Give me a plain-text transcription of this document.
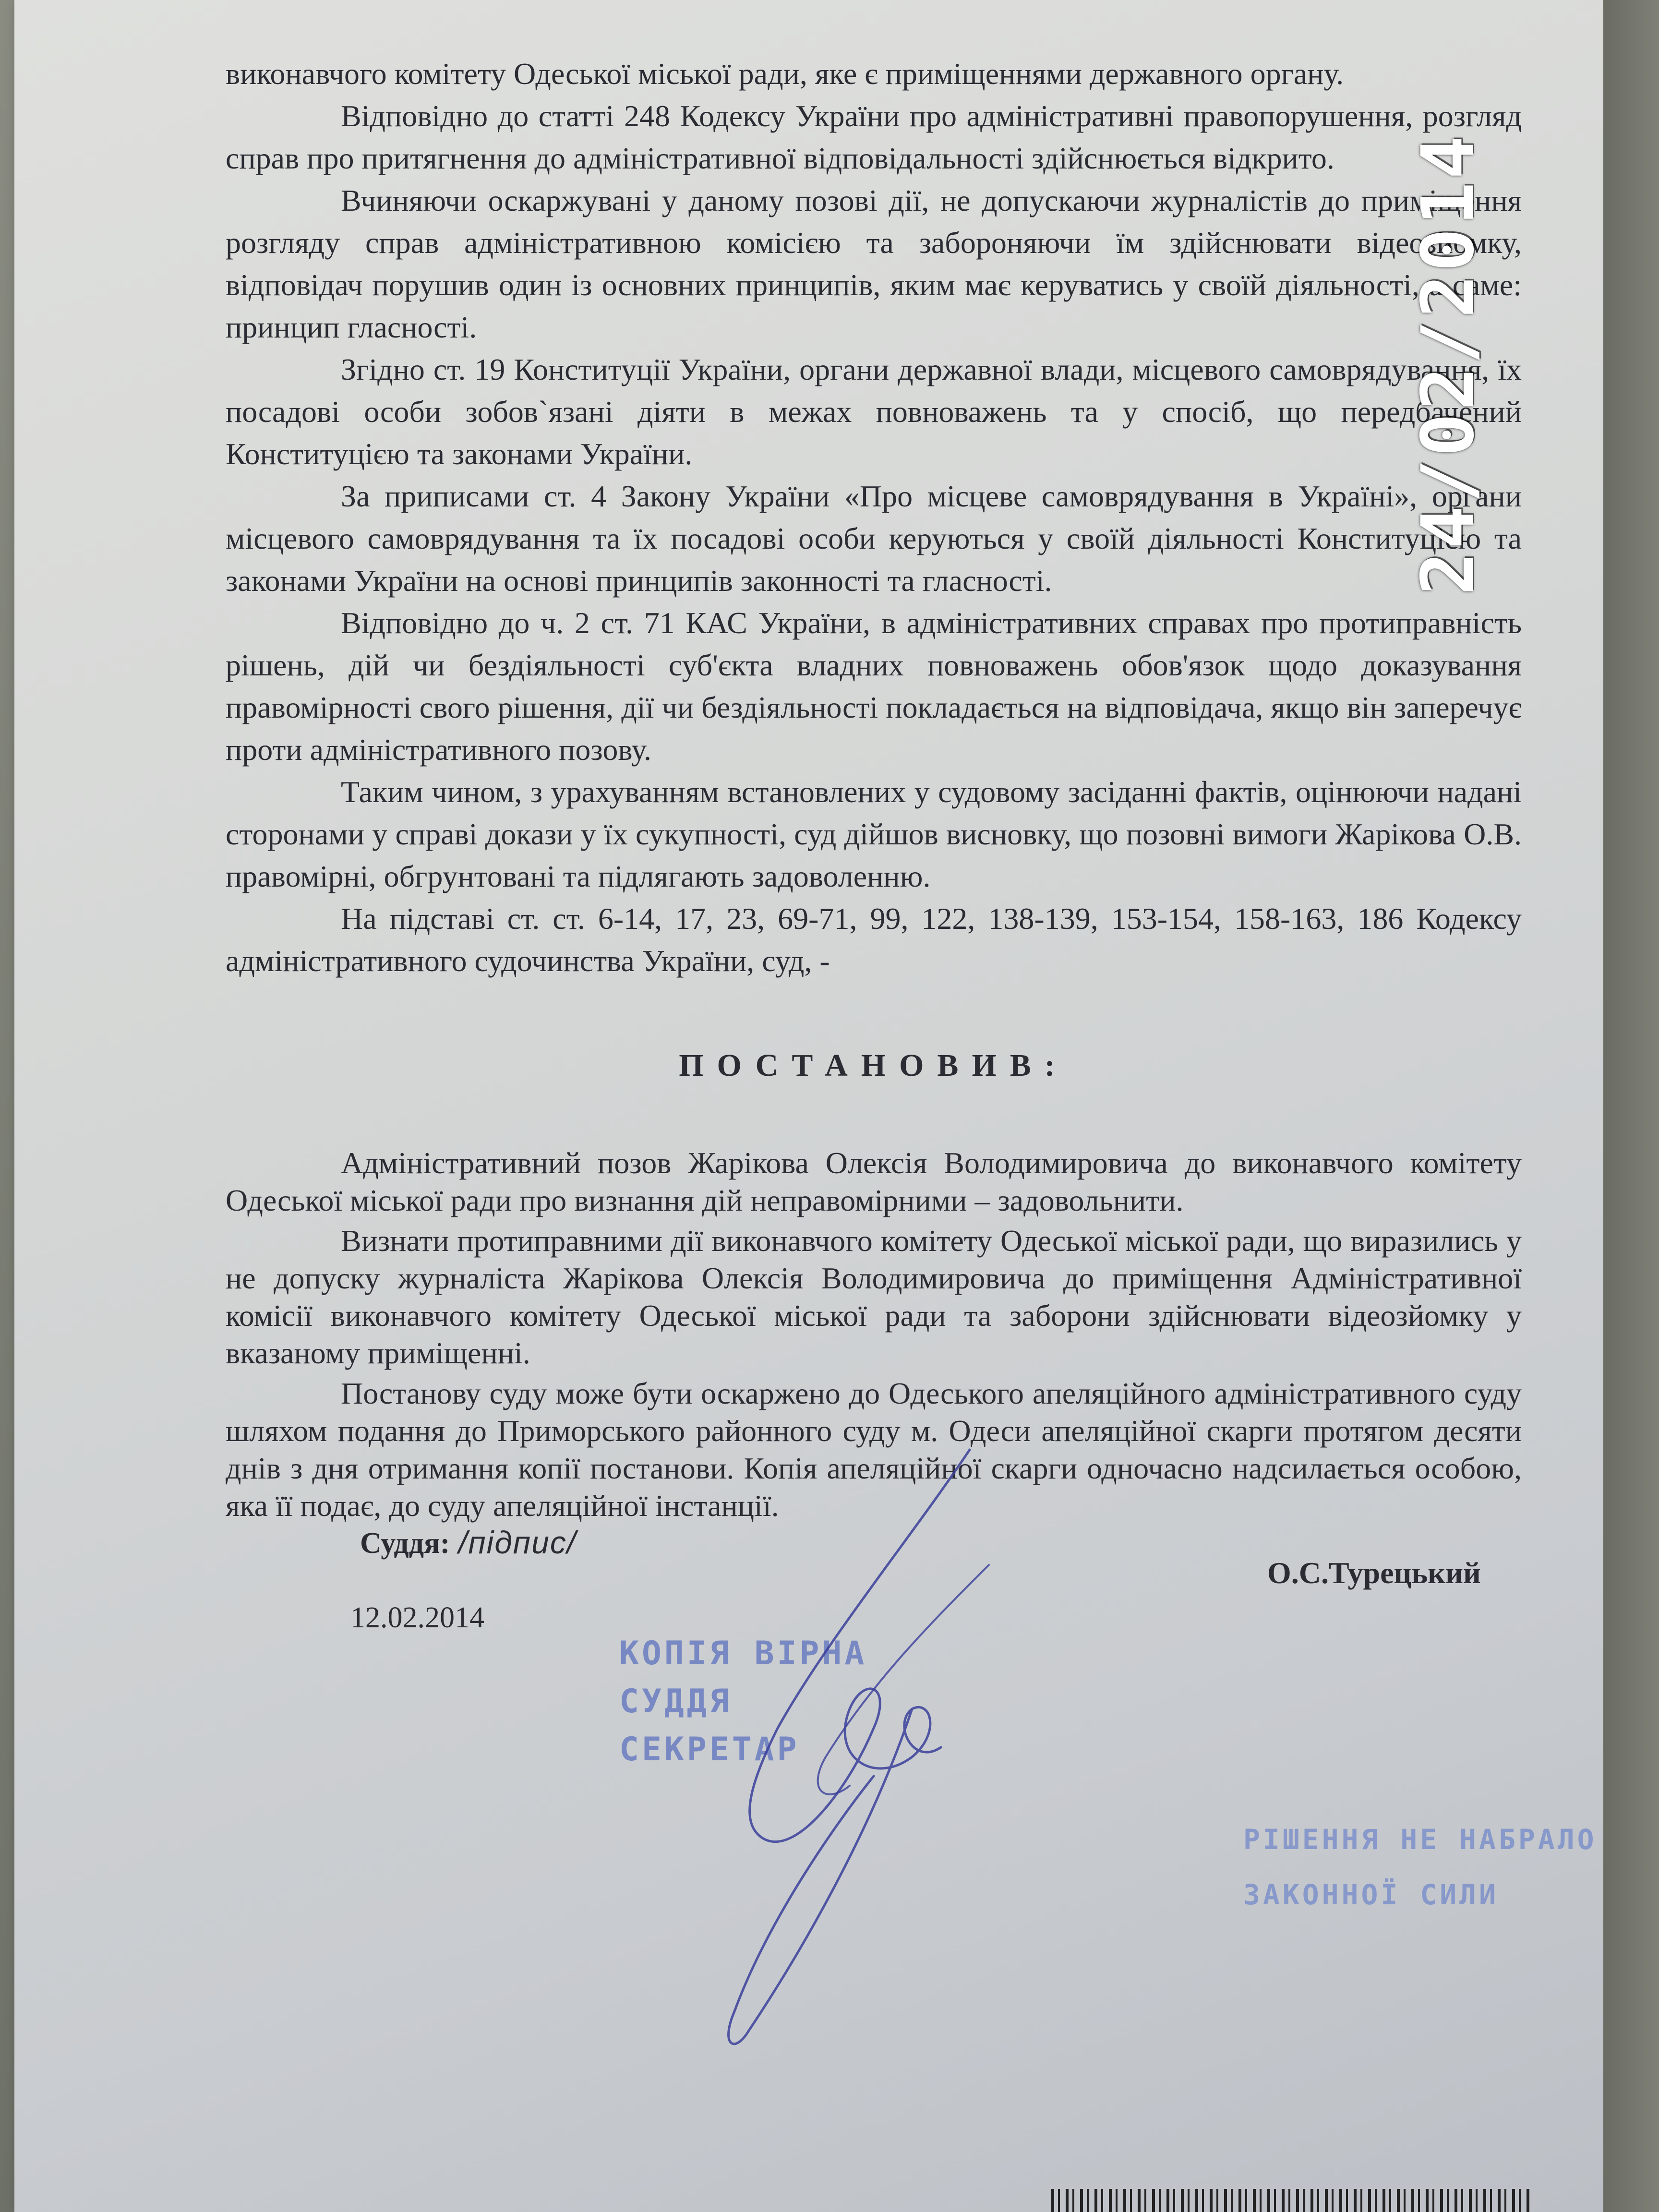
виконавчого комітету Одеської міської ради, яке є приміщеннями державного органу.

Відповідно до статті 248 Кодексу України про адміністративні правопорушення, розгляд справ про притягнення до адміністративної відповідальності здійснюється відкрито.

Вчиняючи оскаржувані у даному позові дії, не допускаючи журналістів до приміщення розгляду справ адміністративною комісією та забороняючи їм здійснювати відеозйомку, відповідач порушив один із основних принципів, яким має керуватись у своїй діяльності, а саме: принцип гласності.

Згідно ст. 19 Конституції України, органи державної влади, місцевого самоврядування, їх посадові особи зобов`язані діяти в межах повноважень та у спосіб, що передбачений Конституцією та законами України.

За приписами ст. 4 Закону України «Про місцеве самоврядування в Україні», органи місцевого самоврядування та їх посадові особи керуються у своїй діяльності Конституцією та законами України на основі принципів законності та гласності.

Відповідно до ч. 2 ст. 71 КАС України, в адміністративних справах про протиправність рішень, дій чи бездіяльності суб'єкта владних повноважень обов'язок щодо доказування правомірності свого рішення, дії чи бездіяльності покладається на відповідача, якщо він заперечує проти адміністративного позову.

Таким чином, з урахуванням встановлених у судовому засіданні фактів, оцінюючи надані сторонами у справі докази у їх сукупності, суд дійшов висновку, що позовні вимоги Жарікова О.В. правомірні, обгрунтовані та підлягають задоволенню.

На підставі ст. ст. 6-14, 17, 23, 69-71, 99, 122, 138-139, 153-154, 158-163, 186 Кодексу адміністративного судочинства України, суд, -

ПОСТАНОВИВ:

Адміністративний позов Жарікова Олексія Володимировича до виконавчого комітету Одеської міської ради про визнання дій неправомірними – задовольнити.

Визнати протиправними дії виконавчого комітету Одеської міської ради, що виразились у не допуску журналіста Жарікова Олексія Володимировича до приміщення Адміністративної комісії виконавчого комітету Одеської міської ради та заборони здійснювати відеозйомку у вказаному приміщенні.

Постанову суду може бути оскаржено до Одеського апеляційного адміністративного суду шляхом подання до Приморського районного суду м. Одеси апеляційної скарги протягом десяти днів з дня отримання копії постанови. Копія апеляційної скарги одночасно надсилається особою, яка її подає, до суду апеляційної інстанції.

24/02/2014
Суддя: /підпис/
О.С.Турецький
12.02.2014
КОПІЯ ВІРНА
СУДДЯ
СЕКРЕТАР
РІШЕННЯ НЕ НАБРАЛО
ЗАКОННОЇ СИЛИ
